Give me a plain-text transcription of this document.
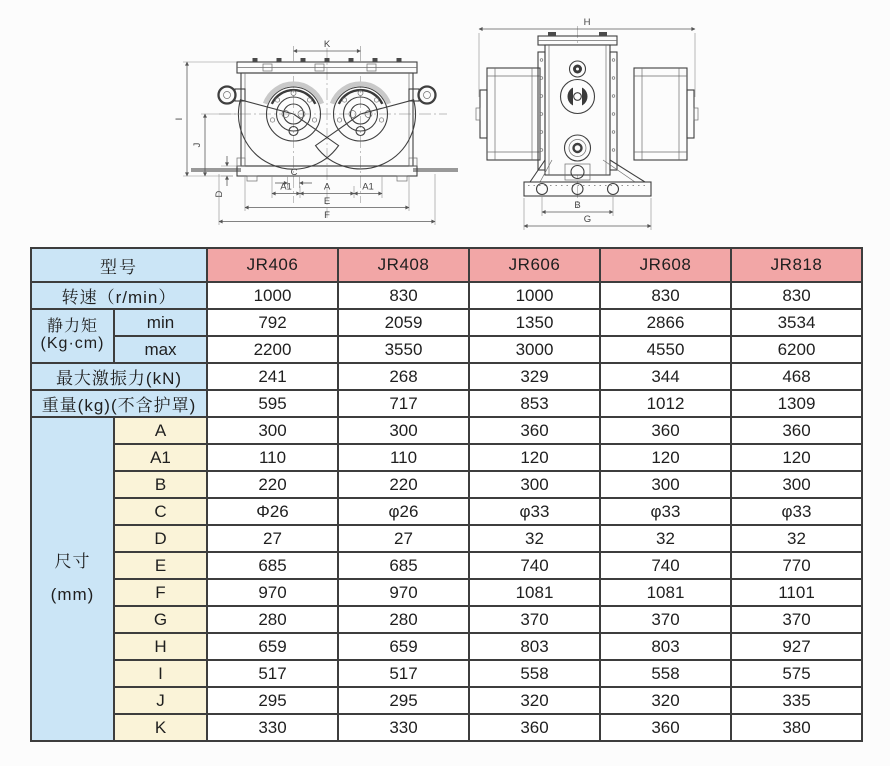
K
I
J
D
C
A1	A	A1
E
F
H
B
G
型号		JR406	JR408	JR606	JR608	JR818
转速（r/min）		1000	830	1000	830	830

静力矩
(Kg·cm)	min	792	2059	1350	2866	3534
	max	2200	3550	3000	4550	6200
最大激振力(kN)		241	268	329	344	468
重量(kg)(不含护罩)		595	717	853	1012	1309

尺寸
(mm)	A	300	300	360	360	360
	A1	110	110	120	120	120
	B	220	220	300	300	300
	C	Φ26	φ26	φ33	φ33	φ33
	D	27	27	32	32	32
	E	685	685	740	740	770
	F	970	970	1081	1081	1101
	G	280	280	370	370	370
	H	659	659	803	803	927
	I	517	517	558	558	575
	J	295	295	320	320	335
	K	330	330	360	360	380
